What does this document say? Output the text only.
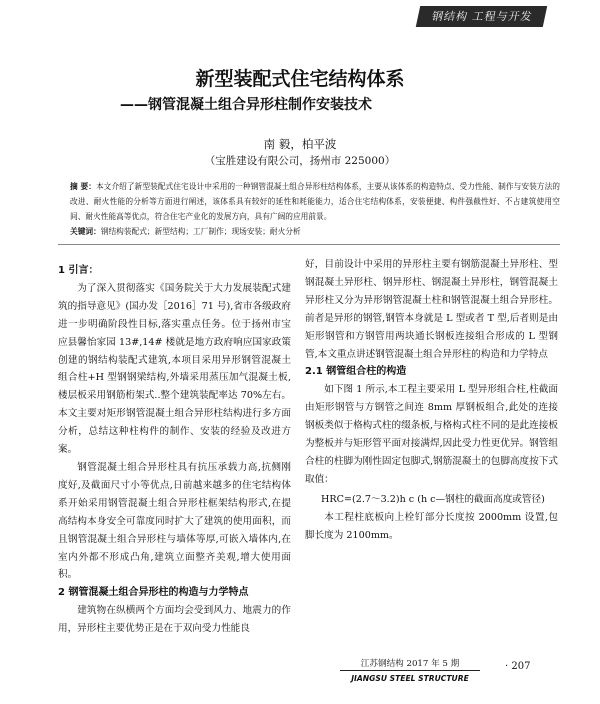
钢结构 工程与开发
新型装配式住宅结构体系
——钢管混凝土组合异形柱制作安装技术
南 毅，柏平波
（宝胜建设有限公司，扬州市 225000）
摘 要：本文介绍了新型装配式住宅设计中采用的一种钢管混凝土组合异形柱结构体系，主要从该体系的构造特点、受力性能、制作与安装方法的改进、耐火性能的分析等方面进行阐述，该体系具有较好的延性和耗能能力，适合住宅结构体系，安装便捷、构件强截性好、不占建筑使用空间、耐火性能高等优点，符合住宅产业化的发展方向，具有广阔的应用前景。
关键词：钢结构装配式；新型结构；工厂制作；现场安装；耐火分析
1 引言：

为了深入贯彻落实《国务院关于大力发展装配式建筑的指导意见》(国办发［2016］71 号),省市各级政府进一步明确阶段性目标,落实重点任务。位于扬州市宝应县馨怡家园 13#,14# 楼就是地方政府响应国家政策创建的钢结构装配式建筑,本项目采用异形钢管混凝土组合柱+H 型钢钢梁结构,外墙采用蒸压加气混凝土板,楼层板采用钢筋桁架式..整个建筑装配率达 70%左右。本文主要对矩形钢管混凝土组合异形柱结构进行多方面分析，总结这种柱构件的制作、安装的经验及改进方案。

钢管混凝土组合异形柱具有抗压承载力高,抗侧刚度好,及截面尺寸小等优点,日前越来越多的住宅结构体系开始采用钢管混凝土组合异形柱框架结构形式,在提高结构本身安全可靠度同时扩大了建筑的使用面积，而且钢管混凝土组合异形柱与墙体等厚,可嵌入墙体内,在室内外都不形成凸角,建筑立面整齐美观,增大使用面积。

2 钢管混凝土组合异形柱的构造与力学特点

建筑物在纵横两个方面均会受到风力、地震力的作用，异形柱主要优势正是在于双向受力性能良

好，目前设计中采用的异形柱主要有钢筋混凝土异形柱、型钢混凝土异形柱、钢异形柱、钢混凝土异形柱，钢管混凝土异形柱又分为异形钢管混凝土柱和钢管混凝土组合异形柱。前者是异形的钢管,钢管本身就是 L 型或者 T 型,后者则是由矩形钢管和方钢管用两块通长钢板连接组合形成的 L 型钢管,本文重点讲述钢管混凝土组合异形柱的构造和力学特点

2.1 钢管组合柱的构造

如下图 1 所示,本工程主要采用 L 型异形组合柱,柱截面由矩形钢管与方钢管之间连 8mm 厚钢板组合,此处的连接钢板类似于格构式柱的缀条板,与格构式柱不同的是此连接板为整板并与矩形管平面对接满焊,因此受力性更优异。钢管组合柱的柱脚为刚性固定包脚式,钢筋混凝土的包脚高度按下式取值：

HRC=(2.7～3.2)h c (h c—钢柱的截面高度或管径)

本工程柱底板向上栓钉部分长度按 2000mm 设置,包脚长度为 2100mm。

江苏钢结构 2017 年 5 期
JIANGSU STEEL STRUCTURE
· 207
